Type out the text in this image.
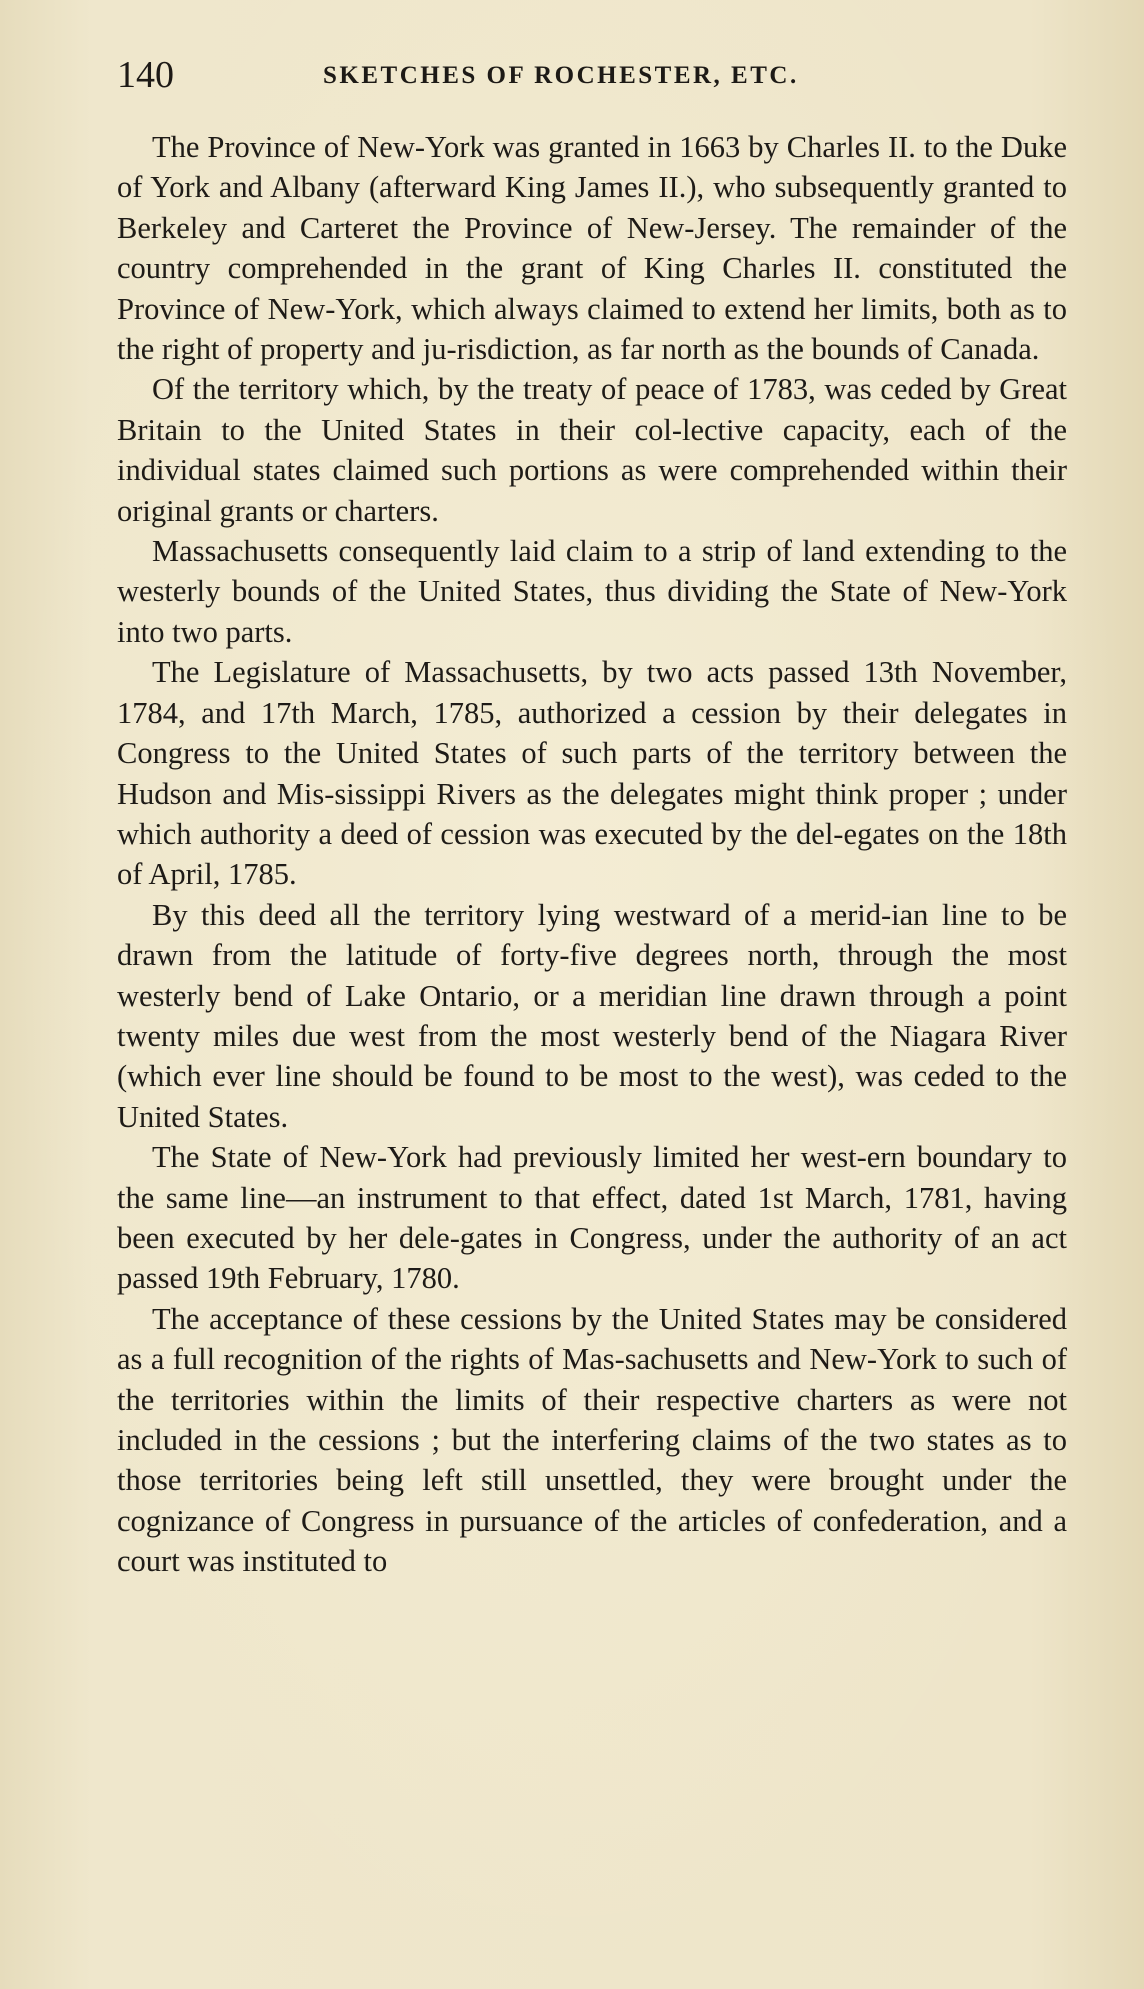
140	SKETCHES OF ROCHESTER, ETC.

The Province of New-York was granted in 1663 by Charles II. to the Duke of York and Albany (afterward King James II.), who subsequently granted to Berkeley and Carteret the Province of New-Jersey. The remainder of the country comprehended in the grant of King Charles II. constituted the Province of New-York, which always claimed to extend her limits, both as to the right of property and ju-risdiction, as far north as the bounds of Canada.

Of the territory which, by the treaty of peace of 1783, was ceded by Great Britain to the United States in their col-lective capacity, each of the individual states claimed such portions as were comprehended within their original grants or charters.

Massachusetts consequently laid claim to a strip of land extending to the westerly bounds of the United States, thus dividing the State of New-York into two parts.

The Legislature of Massachusetts, by two acts passed 13th November, 1784, and 17th March, 1785, authorized a cession by their delegates in Congress to the United States of such parts of the territory between the Hudson and Mis-sissippi Rivers as the delegates might think proper ; under which authority a deed of cession was executed by the del-egates on the 18th of April, 1785.

By this deed all the territory lying westward of a merid-ian line to be drawn from the latitude of forty-five degrees north, through the most westerly bend of Lake Ontario, or a meridian line drawn through a point twenty miles due west from the most westerly bend of the Niagara River (which ever line should be found to be most to the west), was ceded to the United States.

The State of New-York had previously limited her west-ern boundary to the same line—an instrument to that effect, dated 1st March, 1781, having been executed by her dele-gates in Congress, under the authority of an act passed 19th February, 1780.

The acceptance of these cessions by the United States may be considered as a full recognition of the rights of Mas-sachusetts and New-York to such of the territories within the limits of their respective charters as were not included in the cessions ; but the interfering claims of the two states as to those territories being left still unsettled, they were brought under the cognizance of Congress in pursuance of the articles of confederation, and a court was instituted to
